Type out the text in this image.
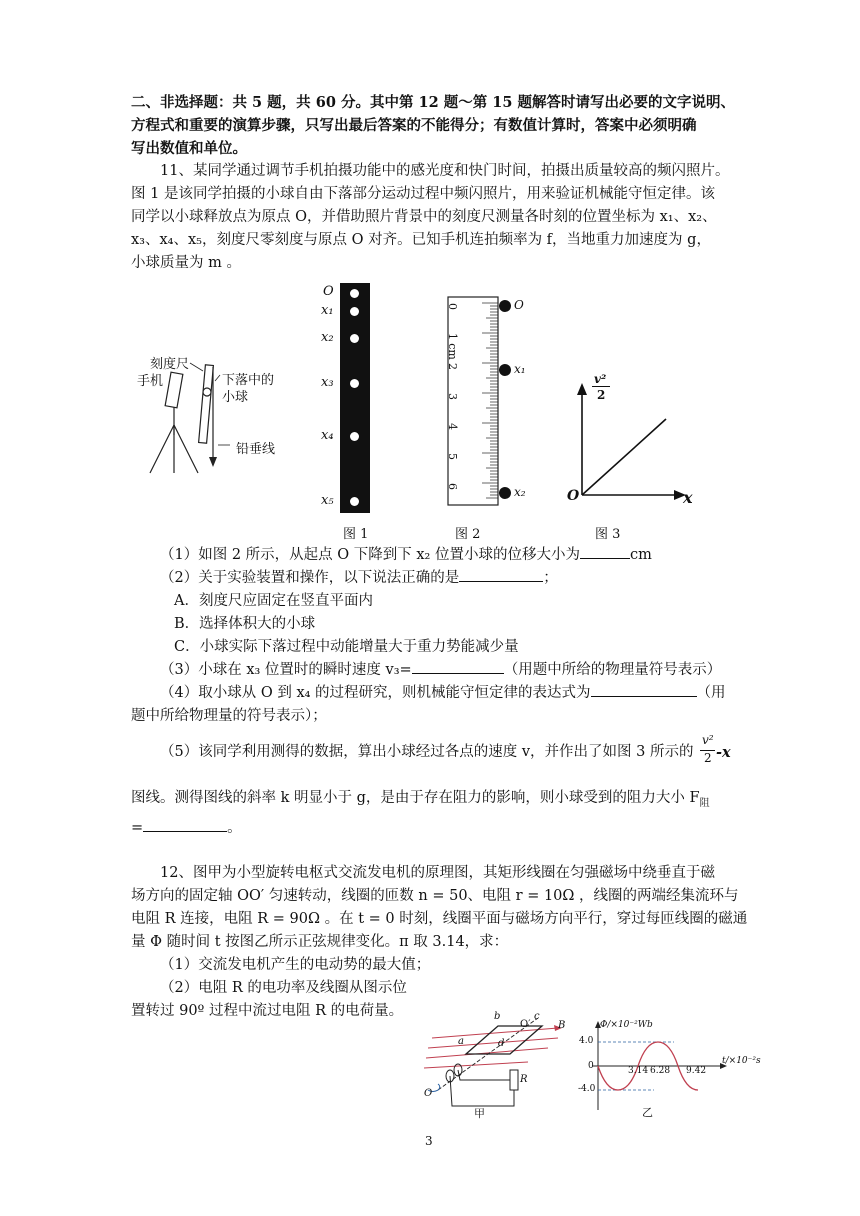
二、非选择题：共 5 题，共 60 分。其中第 12 题～第 15 题解答时请写出必要的文字说明、
方程式和重要的演算步骤，只写出最后答案的不能得分；有数值计算时，答案中必须明确
写出数值和单位。
11、某同学通过调节手机拍摄功能中的感光度和快门时间，拍摄出质量较高的频闪照片。
图 1 是该同学拍摄的小球自由下落部分运动过程中频闪照片，用来验证机械能守恒定律。该
同学以小球释放点为原点 O，并借助照片背景中的刻度尺测量各时刻的位置坐标为 x₁、x₂、
x₃、x₄、x₅，刻度尺零刻度与原点 O 对齐。已知手机连拍频率为 f，当地重力加速度为 g，
小球质量为 m 。
刻度尺
手机	下落中的
小球
铅垂线
O
x₁
x₂
x₃
x₄
x₅
0
1
cm
2
3
4
5
6
O
x₁
x₂
v²
2
O	x
图 1	图 2	图 3
（1）如图 2 所示，从起点 O 下降到下 x₂ 位置小球的位移大小为	cm
（2）关于实验装置和操作，以下说法正确的是	；
A．刻度尺应固定在竖直平面内
B．选择体积大的小球
C．小球实际下落过程中动能增量大于重力势能减少量
（3）小球在 x₃ 位置时的瞬时速度 v₃=	（用题中所给的物理量符号表示）
（4）取小球从 O 到 x₄ 的过程研究，则机械能守恒定律的表达式为	（用
题中所给物理量的符号表示）；
（5）该同学利用测得的数据，算出小球经过各点的速度 v，并作出了如图 3 所示的
v²
2 -x
图线。测得图线的斜率 k 明显小于 g，是由于存在阻力的影响，则小球受到的阻力大小 $F_阻$
=	。
12、图甲为小型旋转电枢式交流发电机的原理图，其矩形线圈在匀强磁场中绕垂直于磁
场方向的固定轴 OO′ 匀速转动，线圈的匝数 n = 50、电阻 r = 10Ω ，线圈的两端经集流环与
电阻 R 连接，电阻 R = 90Ω 。在 t = 0 时刻，线圈平面与磁场方向平行，穿过每匝线圈的磁通
量 Φ 随时间 t 按图乙所示正弦规律变化。π 取 3.14，求：
（1）交流发电机产生的电动势的最大值；
（2）电阻 R 的电功率及线圈从图示位
置转过 90º 过程中流过电阻 R 的电荷量。
O′
b	c
B
a	d
R
O
甲
Φ/×10⁻²Wb
t/×10⁻²s
4.0
0
-4.0
3.14 6.28 9.42
乙
3
